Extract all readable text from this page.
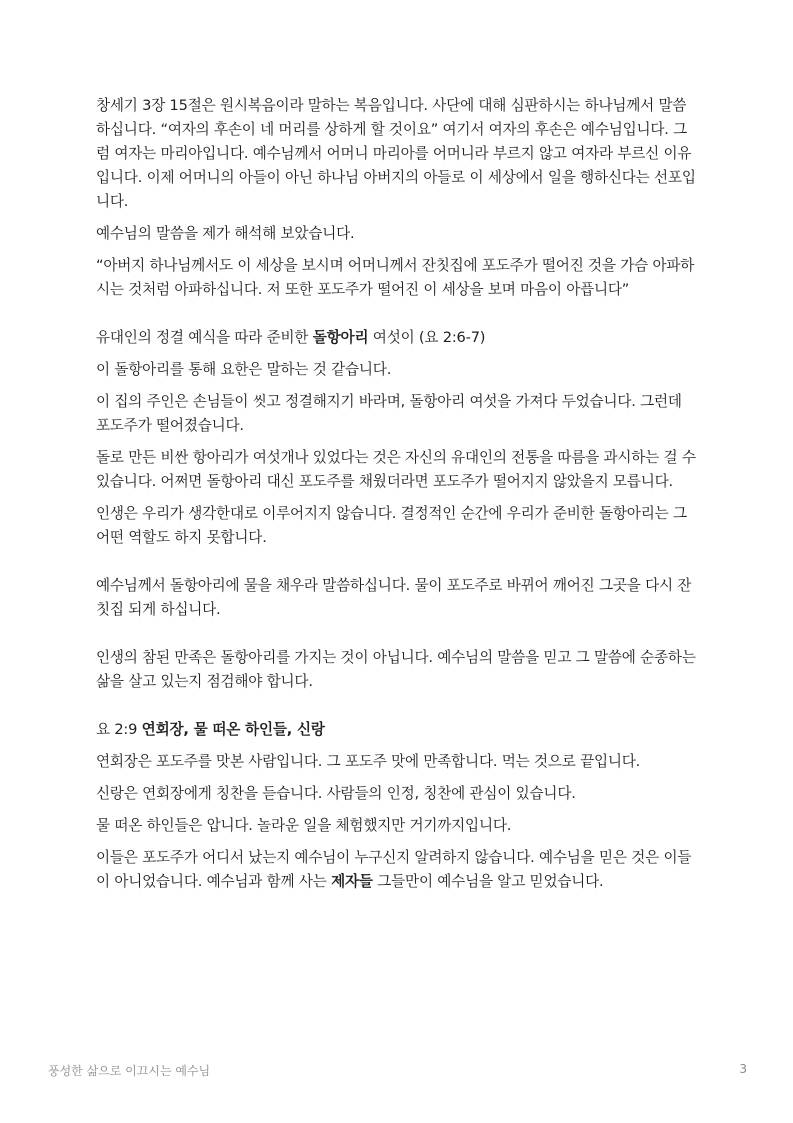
창세기 3장 15절은 원시복음이라 말하는 복음입니다. 사단에 대해 심판하시는 하나님께서 말씀하십니다. “여자의 후손이 네 머리를 상하게 할 것이요” 여기서 여자의 후손은 예수님입니다. 그럼 여자는 마리아입니다. 예수님께서 어머니 마리아를 어머니라 부르지 않고 여자라 부르신 이유입니다. 이제 어머니의 아들이 아닌 하나님 아버지의 아들로 이 세상에서 일을 행하신다는 선포입니다.

예수님의 말씀을 제가 해석해 보았습니다.

“아버지 하나님께서도 이 세상을 보시며 어머니께서 잔칫집에 포도주가 떨어진 것을 가슴 아파하시는 것처럼 아파하십니다. 저 또한 포도주가 떨어진 이 세상을 보며 마음이 아픕니다”

유대인의 정결 예식을 따라 준비한 돌항아리 여섯이 (요 2:6-7)

이 돌항아리를 통해 요한은 말하는 것 같습니다.

이 집의 주인은 손님들이 씻고 정결해지기 바라며, 돌항아리 여섯을 가져다 두었습니다. 그런데 포도주가 떨어졌습니다.

돌로 만든 비싼 항아리가 여섯개나 있었다는 것은 자신의 유대인의 전통을 따름을 과시하는 걸 수 있습니다. 어쩌면 돌항아리 대신 포도주를 채웠더라면 포도주가 떨어지지 않았을지 모릅니다.

인생은 우리가 생각한대로 이루어지지 않습니다. 결정적인 순간에 우리가 준비한 돌항아리는 그 어떤 역할도 하지 못합니다.

예수님께서 돌항아리에 물을 채우라 말씀하십니다. 물이 포도주로 바뀌어 깨어진 그곳을 다시 잔칫집 되게 하십니다.

인생의 참된 만족은 돌항아리를 가지는 것이 아닙니다. 예수님의 말씀을 믿고 그 말씀에 순종하는 삶을 살고 있는지 점검해야 합니다.

요 2:9 연회장, 물 떠온 하인들, 신랑

연회장은 포도주를 맛본 사람입니다. 그 포도주 맛에 만족합니다. 먹는 것으로 끝입니다.

신랑은 연회장에게 칭찬을 듣습니다. 사람들의 인정, 칭찬에 관심이 있습니다.

물 떠온 하인들은 압니다. 놀라운 일을 체험했지만 거기까지입니다.

이들은 포도주가 어디서 났는지 예수님이 누구신지 알려하지 않습니다. 예수님을 믿은 것은 이들이 아니었습니다. 예수님과 함께 사는 제자들 그들만이 예수님을 알고 믿었습니다.

풍성한 삶으로 이끄시는 예수님	3
